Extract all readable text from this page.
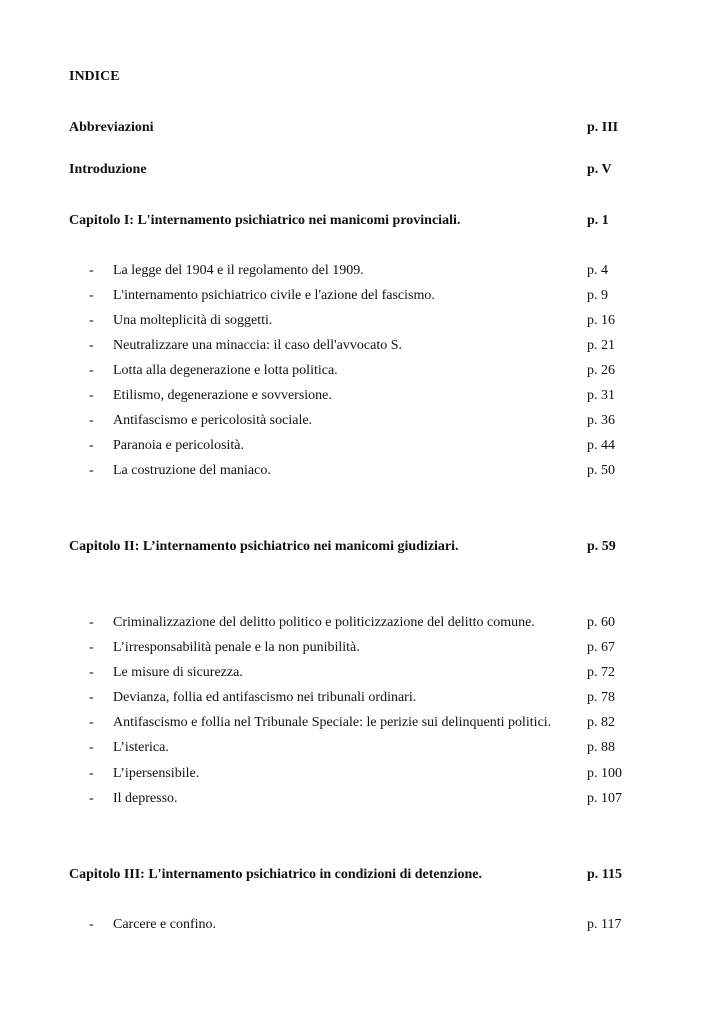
INDICE
Abbreviazioni	p. III
Introduzione	p. V
Capitolo I: L'internamento psichiatrico nei manicomi provinciali.	p. 1
- La legge del 1904 e il regolamento del 1909.	p. 4
- L'internamento psichiatrico civile e l'azione del fascismo.	p. 9
- Una molteplicità di soggetti.	p. 16
- Neutralizzare una minaccia: il caso dell'avvocato S.	p. 21
- Lotta alla degenerazione e lotta politica.	p. 26
- Etilismo, degenerazione e sovversione.	p. 31
- Antifascismo e pericolosità sociale.	p. 36
- Paranoia e pericolosità.	p. 44
- La costruzione del maniaco.	p. 50
Capitolo II: L’internamento psichiatrico nei manicomi giudiziari.	p. 59
- Criminalizzazione del delitto politico e politicizzazione del delitto comune.	p. 60
- L’irresponsabilità penale e la non punibilità.	p. 67
- Le misure di sicurezza.	p. 72
- Devianza, follia ed antifascismo nei tribunali ordinari.	p. 78
- Antifascismo e follia nel Tribunale Speciale: le perizie sui delinquenti politici.	p. 82
- L’isterica.	p. 88
- L’ipersensibile.	p. 100
- Il depresso.	p. 107
Capitolo III: L'internamento psichiatrico in condizioni di detenzione.	p. 115
- Carcere e confino.	p. 117
